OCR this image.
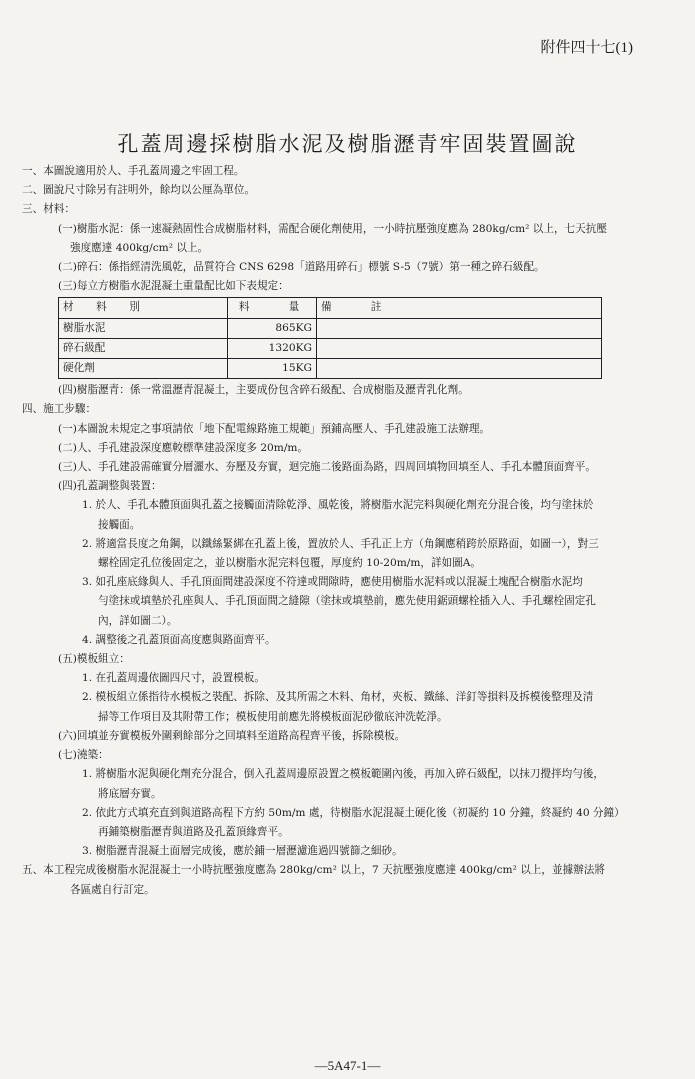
附件四十七(1)
孔蓋周邊採樹脂水泥及樹脂瀝青牢固裝置圖說
一、本圖說適用於人、手孔蓋周邊之牢固工程。
二、圖說尺寸除另有註明外，餘均以公厘為單位。
三、材料：
(一)樹脂水泥：係一速凝熱固性合成樹脂材料，需配合硬化劑使用，一小時抗壓強度應為 280kg/cm² 以上，七天抗壓
強度應達 400kg/cm² 以上。
(二)碎石：係指經清洗風乾，品質符合 CNS 6298「道路用碎石」標號 S-5（7號）第一種之碎石級配。
(三)每立方樹脂水泥混凝土重量配比如下表規定：
材　料　別	料　　量	備　　註
樹脂水泥	865KG	
碎石級配	1320KG	
硬化劑	15KG	
(四)樹脂瀝青：係一常溫瀝青混凝土，主要成份包含碎石級配、合成樹脂及瀝青乳化劑。
四、施工步驟：
(一)本圖說未規定之事項請依「地下配電線路施工規範」預鋪高壓人、手孔建設施工法辦理。
(二)人、手孔建設深度應較標準建設深度多 20m/m。
(三)人、手孔建設需確實分層灑水、夯壓及夯實，迴完施二後路面為路，四周回填物回填至人、手孔本體頂面齊平。
(四)孔蓋調整與裝置：
1. 於人、手孔本體頂面與孔蓋之接觸面清除乾淨、風乾後，將樹脂水泥完料與硬化劑充分混合後，均勻塗抹於
接觸面。
2. 將適當長度之角鋼，以鐵絲緊綁在孔蓋上後，置放於人、手孔正上方（角鋼應稍跨於原路面，如圖一），對三
螺栓固定孔位後固定之，並以樹脂水泥完料包覆，厚度約 10-20m/m，詳如圖A。
3. 如孔座底緣與人、手孔頂面間建設深度不符達或間隙時，應使用樹脂水泥料或以混凝土塊配合樹脂水泥均
勻塗抹或填墊於孔座與人、手孔頂面間之縫隙（塗抹或填墊前，應先使用鋸頭螺栓插入人、手孔螺栓固定孔
內，詳如圖二）。
4. 調整後之孔蓋頂面高度應與路面齊平。
(五)模板組立：
1. 在孔蓋周邊依圖四尺寸，設置模板。
2. 模板組立係指待水模板之裝配、拆除、及其所需之木料、角材，夾板、鐵絲、洋釘等損料及拆模後整理及清
掃等工作項目及其附帶工作；模板使用前應先將模板面泥砂徹底沖洗乾淨。
(六)回填並夯實模板外圍剩餘部分之回填料至道路高程齊平後，拆除模板。
(七)澆築：
1. 將樹脂水泥與硬化劑充分混合，倒入孔蓋周邊原設置之模板範圍內後，再加入碎石級配，以抹刀攪拌均勻後，
將底層夯實。
2. 依此方式填充直到與道路高程下方約 50m/m 處，待樹脂水泥混凝土硬化後（初凝約 10 分鐘，終凝約 40 分鐘）
再鋪築樹脂瀝青與道路及孔蓋頂緣齊平。
3. 樹脂瀝青混凝土面層完成後，應於鋪一層瀝濾進過四號篩之細砂。
五、本工程完成後樹脂水泥混凝土一小時抗壓強度應為 280kg/cm² 以上，7 天抗壓強度應達 400kg/cm² 以上，並據辦法將
各區處自行訂定。
—5A47-1—
